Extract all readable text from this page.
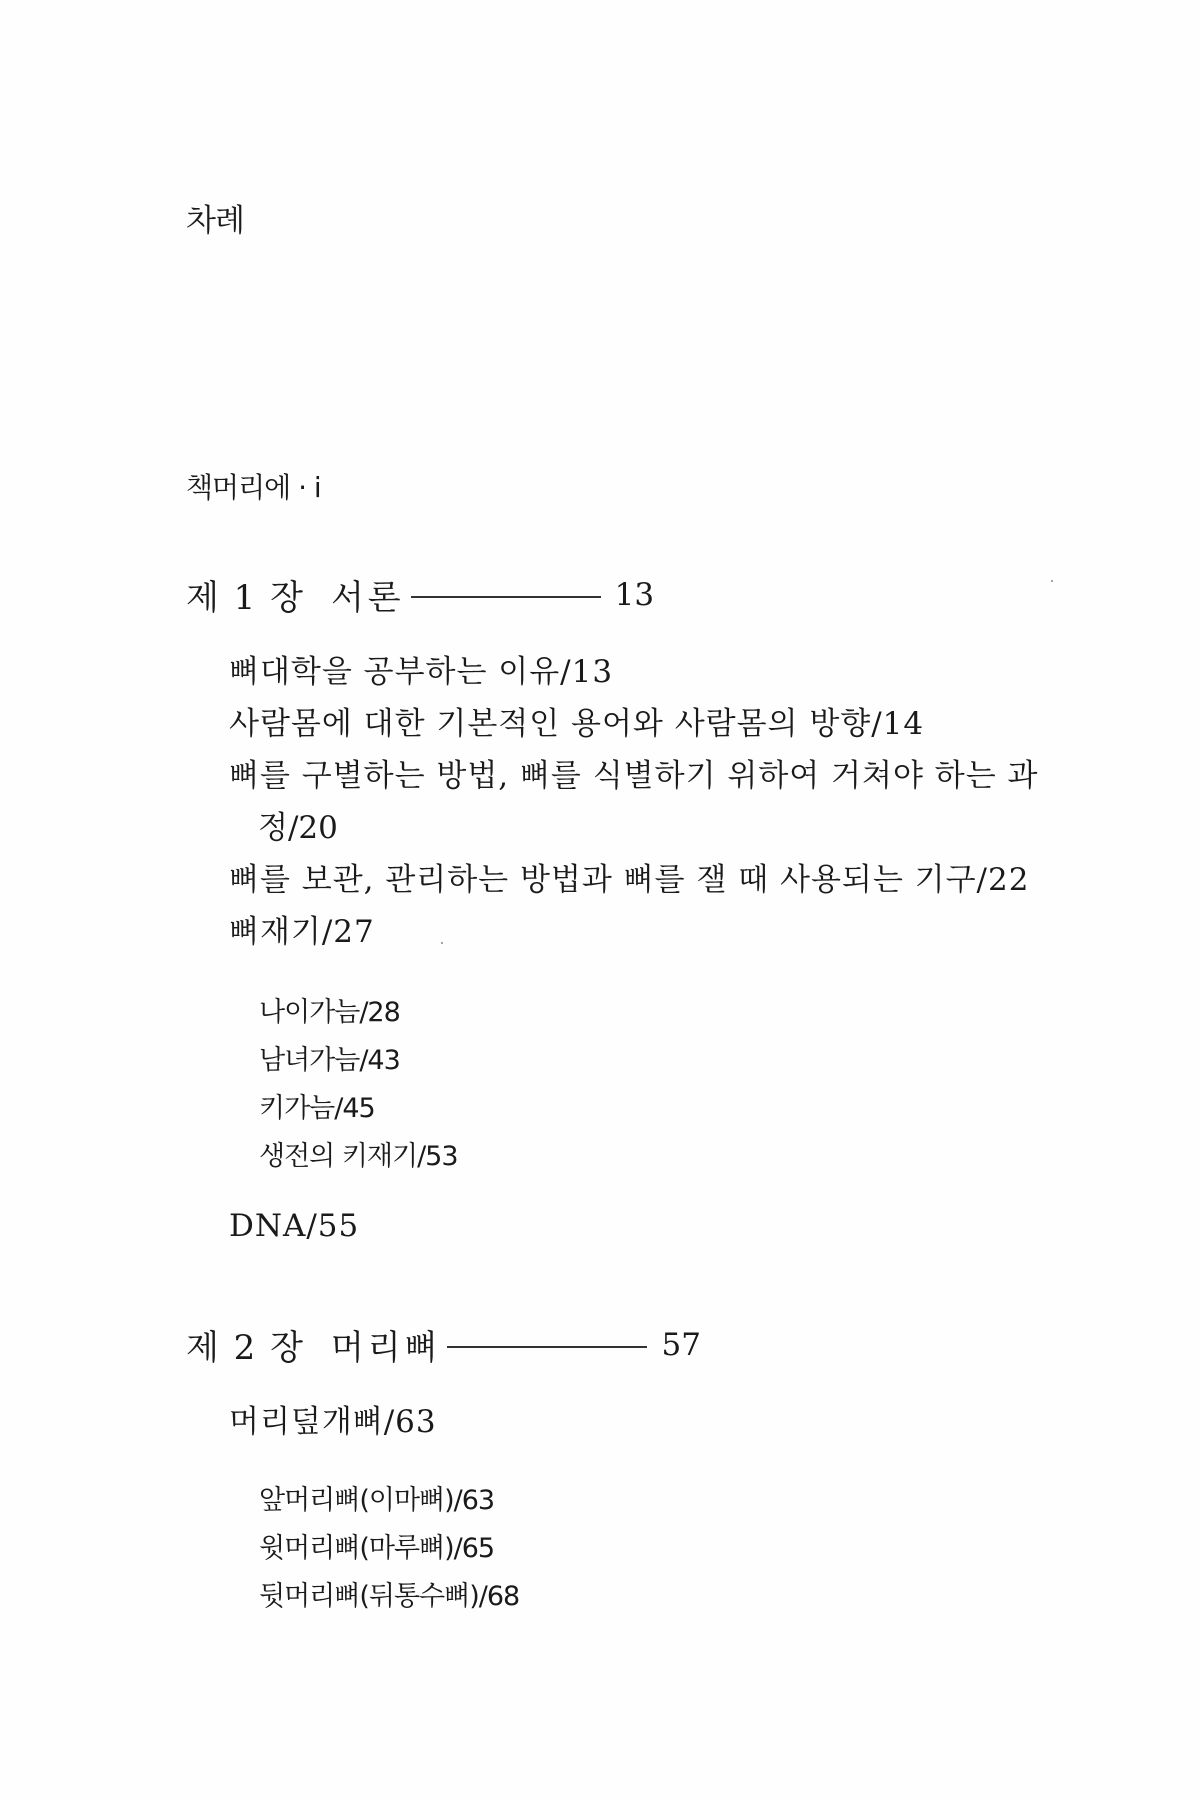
차례
책머리에 · i
제 1 장 서론	13
뼈대학을 공부하는 이유/13
사람몸에 대한 기본적인 용어와 사람몸의 방향/14
뼈를 구별하는 방법, 뼈를 식별하기 위하여 거쳐야 하는 과
정/20
뼈를 보관, 관리하는 방법과 뼈를 잴 때 사용되는 기구/22
뼈재기/27
나이가늠/28
남녀가늠/43
키가늠/45
생전의 키재기/53
DNA/55
제 2 장 머리뼈	57
머리덮개뼈/63
앞머리뼈(이마뼈)/63
윗머리뼈(마루뼈)/65
뒷머리뼈(뒤통수뼈)/68
